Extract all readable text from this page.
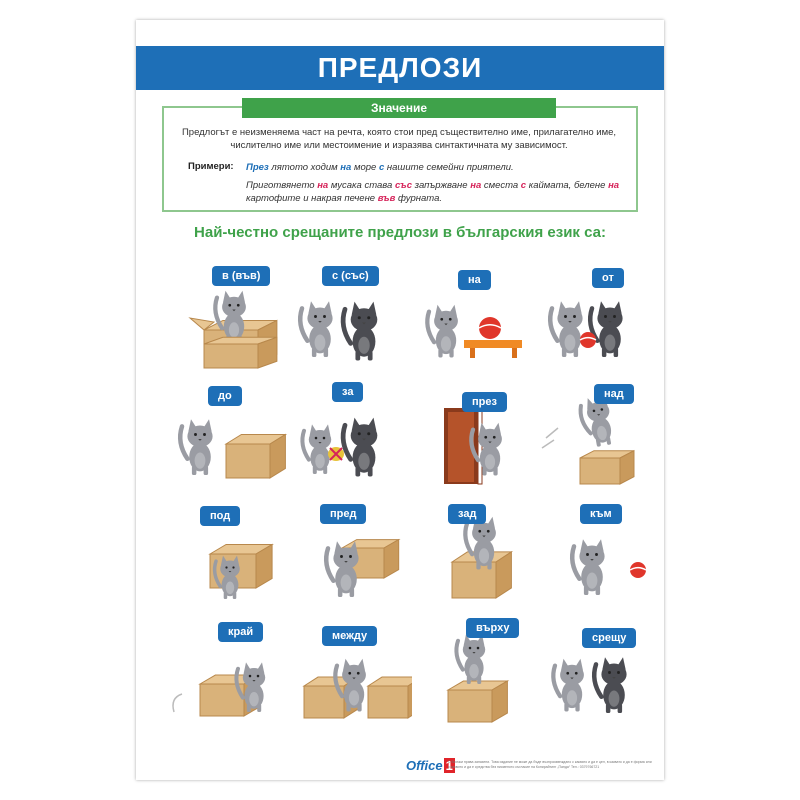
ПРЕДЛОЗИ
Значение
Предлогът е неизменяема част на речта, която стои пред съществително име, прилагателно име, числително име или местоимение и изразява синтактичната му зависимост.
Примери: През лятото ходим на море с нашите семейни приятели.
Приготвянето на мусака става със запържване на сместа с каймата, белене на картофите и накрая печене във фурната.
Най-честно срещаните предлози в българския език са:
в (във)	с (със)	на	от
до	за
през
над
под	пред	зад	към
край	между
върху
срещу
Office 1
© Всички права запазени. Това издание не може да бъде възпроизвеждано с каквато и да е цел, в каквато и да е форма или с каквито и да е средства без писменото съгласие на Копирайтинг „Панда“ Тел.: 0379766721
